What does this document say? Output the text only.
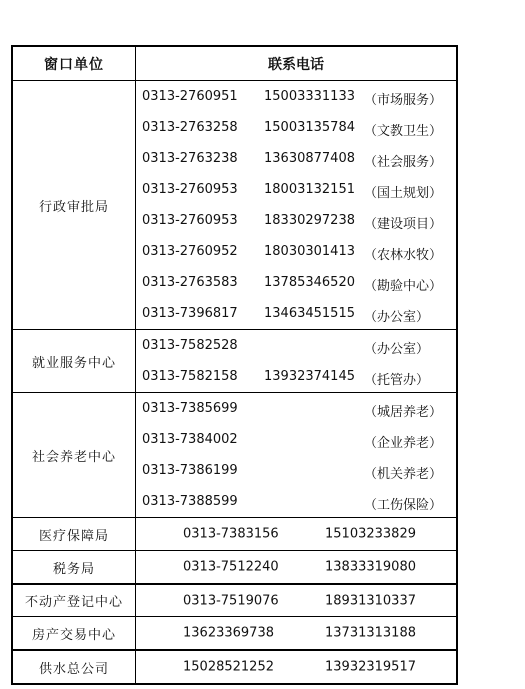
窗口单位	联系电话
行政审批局
0313-2760951 15003331133 （市场服务）
0313-2763258 15003135784 （文教卫生）
0313-2763238 13630877408 （社会服务）
0313-2760953 18003132151 （国土规划）
0313-2760953 18330297238 （建设项目）
0313-2760952 18030301413 （农林水牧）
0313-2763583 13785346520 （勘验中心）
0313-7396817 13463451515 （办公室）
就业服务中心
0313-7582528	（办公室）
0313-7582158 13932374145 （托管办）
社会养老中心
0313-7385699	（城居养老）
0313-7384002	（企业养老）
0313-7386199	（机关养老）
0313-7388599	（工伤保险）
医疗保障局	0313-7383156	15103233829
税务局	0313-7512240	13833319080
不动产登记中心	0313-7519076	18931310337
房产交易中心	13623369738	13731313188
供水总公司	15028521252	13932319517
